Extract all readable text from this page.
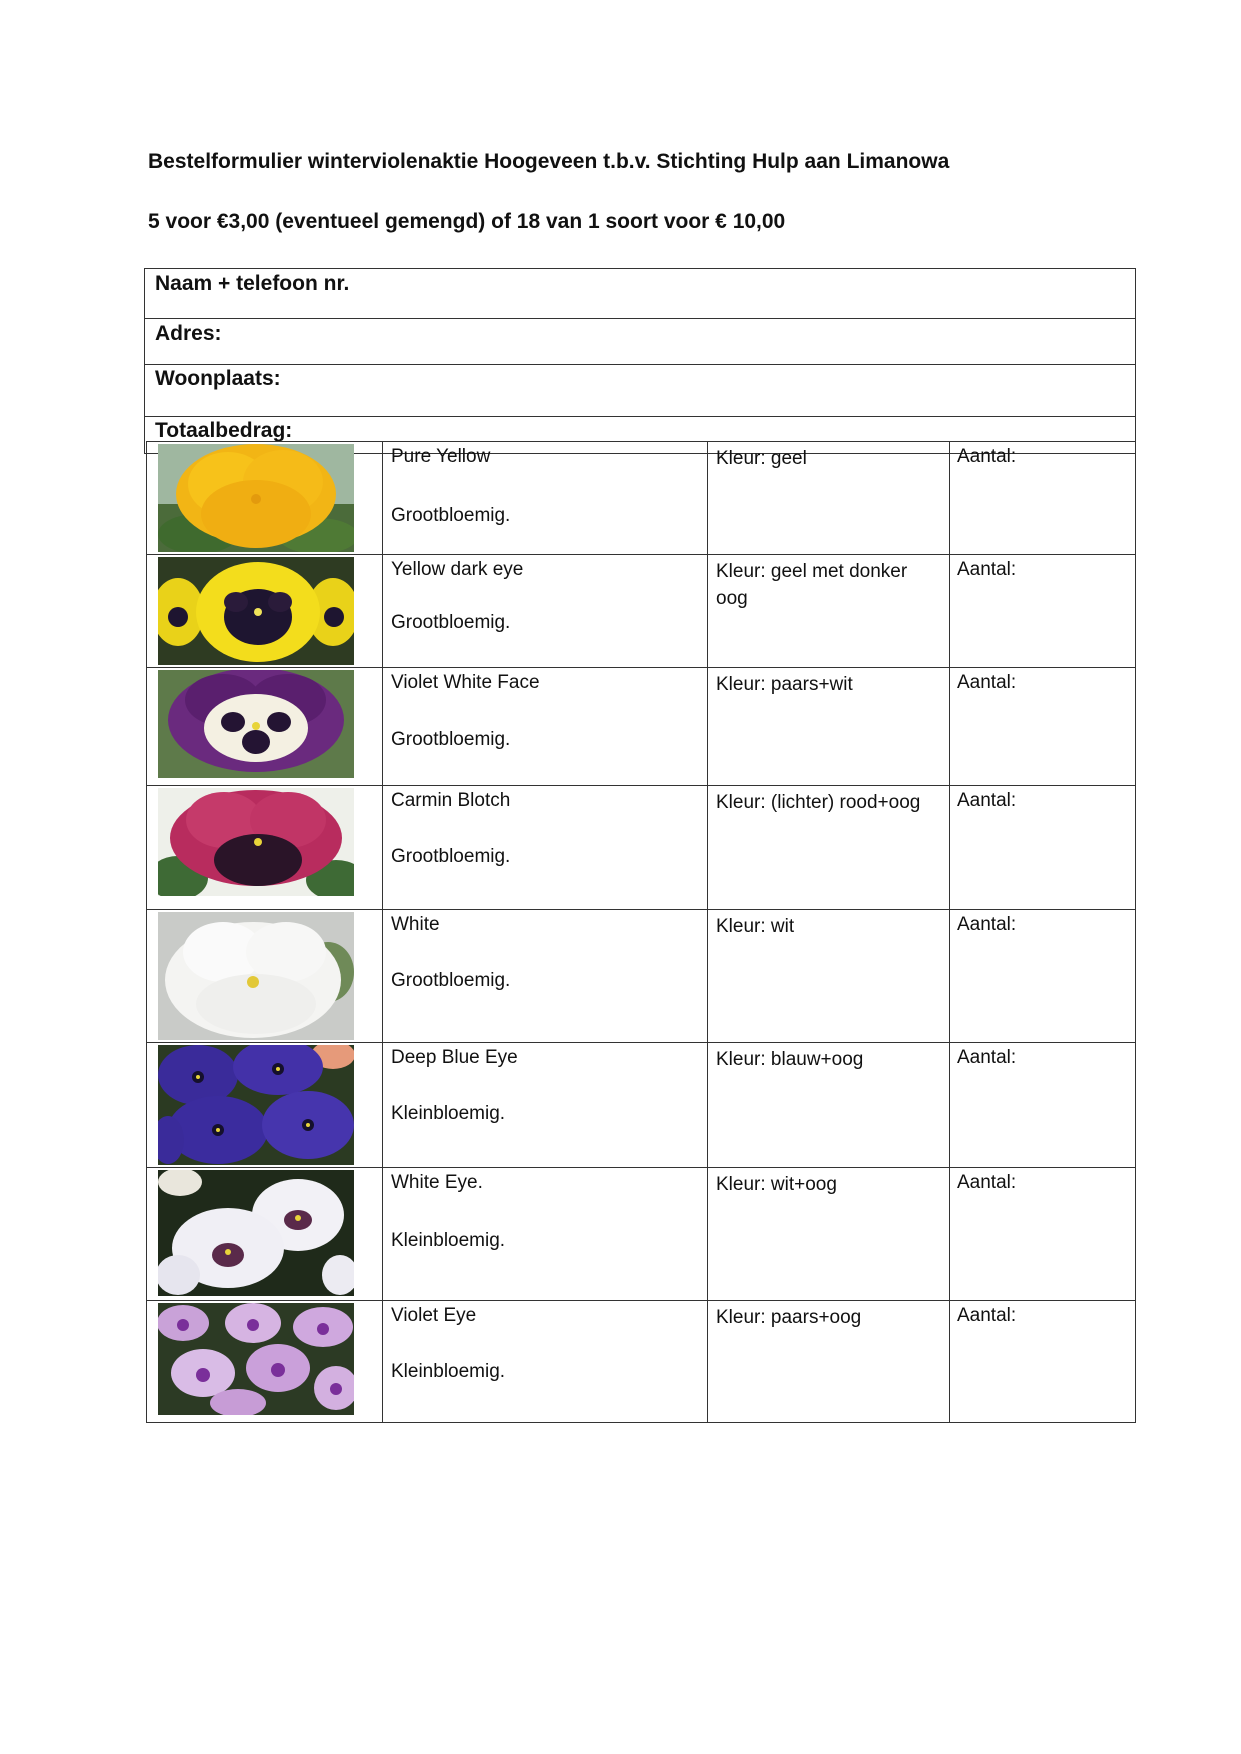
Bestelformulier winterviolenaktie Hoogeveen t.b.v. Stichting Hulp aan Limanowa
5 voor €3,00 (eventueel gemengd) of 18 van 1 soort voor € 10,00
Naam + telefoon nr.
Adres:
Woonplaats:
Totaalbedrag:

Pure Yellow
Grootbloemig.	Kleur: geel	Aantal:

Yellow dark eye
Grootbloemig.	Kleur: geel met donker oog	Aantal:

Violet White Face
Grootbloemig.	Kleur: paars+wit	Aantal:

Carmin Blotch
Grootbloemig.	Kleur: (lichter) rood+oog	Aantal:

White
Grootbloemig.	Kleur: wit	Aantal:

Deep Blue Eye
Kleinbloemig.	Kleur: blauw+oog	Aantal:

White Eye.
Kleinbloemig.	Kleur: wit+oog	Aantal:

Violet Eye
Kleinbloemig.	Kleur: paars+oog	Aantal:
